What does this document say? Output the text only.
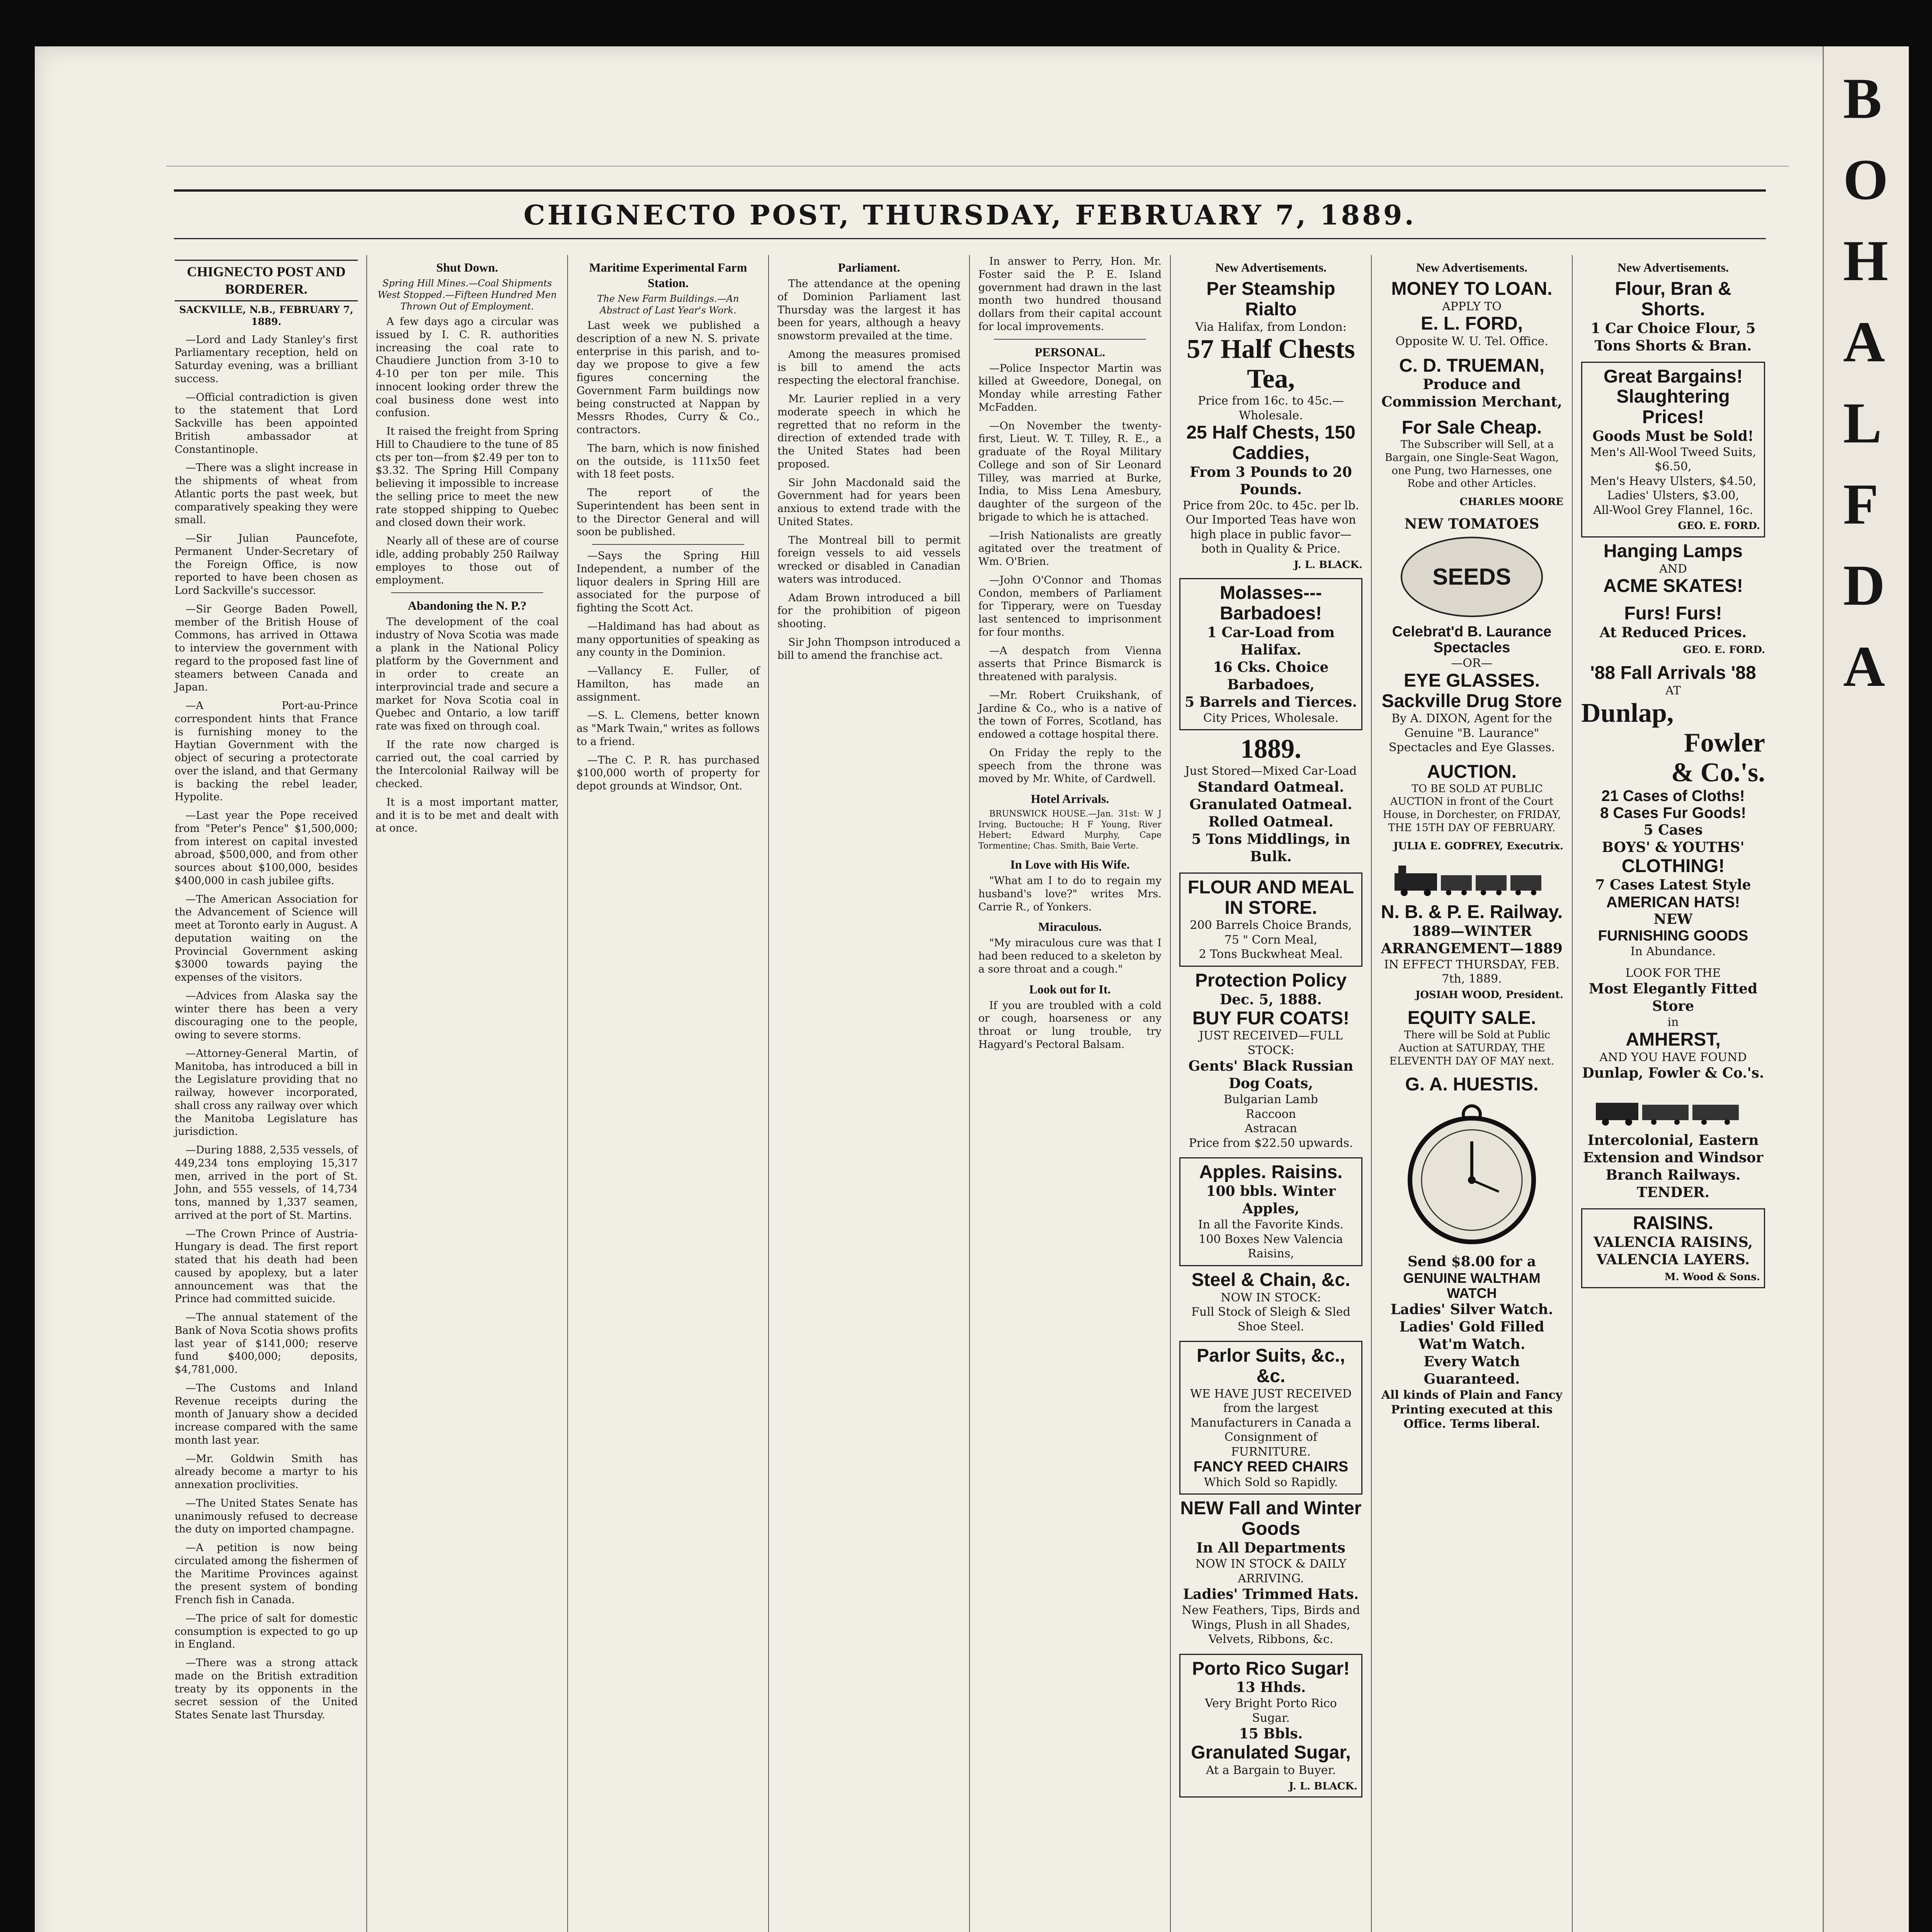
CHIGNECTO POST, THURSDAY, FEBRUARY 7, 1889.
CHIGNECTO POST AND BORDERER.
SACKVILLE, N.B., FEBRUARY 7, 1889.

—Lord and Lady Stanley's first Parliamentary reception, held on Saturday evening, was a brilliant success.

—Official contradiction is given to the statement that Lord Sackville has been appointed British ambassador at Constantinople.

—There was a slight increase in the shipments of wheat from Atlantic ports the past week, but comparatively speaking they were small.

—Sir Julian Pauncefote, Permanent Under-Secretary of the Foreign Office, is now reported to have been chosen as Lord Sackville's successor.

—Sir George Baden Powell, member of the British House of Commons, has arrived in Ottawa to interview the government with regard to the proposed fast line of steamers between Canada and Japan.

—A Port-au-Prince correspondent hints that France is furnishing money to the Haytian Government with the object of securing a protectorate over the island, and that Germany is backing the rebel leader, Hypolite.

—Last year the Pope received from "Peter's Pence" $1,500,000; from interest on capital invested abroad, $500,000, and from other sources about $100,000, besides $400,000 in cash jubilee gifts.

—The American Association for the Advancement of Science will meet at Toronto early in August. A deputation waiting on the Provincial Government asking $3000 towards paying the expenses of the visitors.

—Advices from Alaska say the winter there has been a very discouraging one to the people, owing to severe storms.

—Attorney-General Martin, of Manitoba, has introduced a bill in the Legislature providing that no railway, however incorporated, shall cross any railway over which the Manitoba Legislature has jurisdiction.

—During 1888, 2,535 vessels, of 449,234 tons employing 15,317 men, arrived in the port of St. John, and 555 vessels, of 14,734 tons, manned by 1,337 seamen, arrived at the port of St. Martins.

—The Crown Prince of Austria-Hungary is dead. The first report stated that his death had been caused by apoplexy, but a later announcement was that the Prince had committed suicide.

—The annual statement of the Bank of Nova Scotia shows profits last year of $141,000; reserve fund $400,000; deposits, $4,781,000.

—The Customs and Inland Revenue receipts during the month of January show a decided increase compared with the same month last year.

—Mr. Goldwin Smith has already become a martyr to his annexation proclivities.

—The United States Senate has unanimously refused to decrease the duty on imported champagne.

—A petition is now being circulated among the fishermen of the Maritime Provinces against the present system of bonding French fish in Canada.

—The price of salt for domestic consumption is expected to go up in England.

—There was a strong attack made on the British extradition treaty by its opponents in the secret session of the United States Senate last Thursday.

Shut Down.
Spring Hill Mines.—Coal Shipments West Stopped.—Fifteen Hundred Men Thrown Out of Employment.

A few days ago a circular was issued by I. C. R. authorities increasing the coal rate to Chaudiere Junction from 3-10 to 4-10 per ton per mile. This innocent looking order threw the coal business done west into confusion.

It raised the freight from Spring Hill to Chaudiere to the tune of 85 cts per ton—from $2.49 per ton to $3.32. The Spring Hill Company believing it impossible to increase the selling price to meet the new rate stopped shipping to Quebec and closed down their work.

Nearly all of these are of course idle, adding probably 250 Railway employes to those out of employment.

Abandoning the N. P.?

The development of the coal industry of Nova Scotia was made a plank in the National Policy platform by the Government and in order to create an interprovincial trade and secure a market for Nova Scotia coal in Quebec and Ontario, a low tariff rate was fixed on through coal.

If the rate now charged is carried out, the coal carried by the Intercolonial Railway will be checked.

It is a most important matter, and it is to be met and dealt with at once.

Maritime Experimental Farm Station.
The New Farm Buildings.—An Abstract of Last Year's Work.

Last week we published a description of a new N. S. private enterprise in this parish, and to-day we propose to give a few figures concerning the Government Farm buildings now being constructed at Nappan by Messrs Rhodes, Curry & Co., contractors.

The barn, which is now finished on the outside, is 111x50 feet with 18 feet posts.

The report of the Superintendent has been sent in to the Director General and will soon be published.

—Says the Spring Hill Independent, a number of the liquor dealers in Spring Hill are associated for the purpose of fighting the Scott Act.

—Haldimand has had about as many opportunities of speaking as any county in the Dominion.

—Vallancy E. Fuller, of Hamilton, has made an assignment.

—S. L. Clemens, better known as "Mark Twain," writes as follows to a friend.

—The C. P. R. has purchased $100,000 worth of property for depot grounds at Windsor, Ont.

Parliament.

The attendance at the opening of Dominion Parliament last Thursday was the largest it has been for years, although a heavy snowstorm prevailed at the time.

Among the measures promised is bill to amend the acts respecting the electoral franchise.

Mr. Laurier replied in a very moderate speech in which he regretted that no reform in the direction of extended trade with the United States had been proposed.

Sir John Macdonald said the Government had for years been anxious to extend trade with the United States.

The Montreal bill to permit foreign vessels to aid vessels wrecked or disabled in Canadian waters was introduced.

Adam Brown introduced a bill for the prohibition of pigeon shooting.

Sir John Thompson introduced a bill to amend the franchise act.

In answer to Perry, Hon. Mr. Foster said the P. E. Island government had drawn in the last month two hundred thousand dollars from their capital account for local improvements.

PERSONAL.

—Police Inspector Martin was killed at Gweedore, Donegal, on Monday while arresting Father McFadden.

—On November the twenty-first, Lieut. W. T. Tilley, R. E., a graduate of the Royal Military College and son of Sir Leonard Tilley, was married at Burke, India, to Miss Lena Amesbury, daughter of the surgeon of the brigade to which he is attached.

—Irish Nationalists are greatly agitated over the treatment of Wm. O'Brien.

—John O'Connor and Thomas Condon, members of Parliament for Tipperary, were on Tuesday last sentenced to imprisonment for four months.

—A despatch from Vienna asserts that Prince Bismarck is threatened with paralysis.

—Mr. Robert Cruikshank, of Jardine & Co., who is a native of the town of Forres, Scotland, has endowed a cottage hospital there.

On Friday the reply to the speech from the throne was moved by Mr. White, of Cardwell.

Hotel Arrivals.

BRUNSWICK HOUSE.—Jan. 31st: W J Irving, Buctouche; H F Young, River Hebert; Edward Murphy, Cape Tormentine; Chas. Smith, Baie Verte.

In Love with His Wife.

"What am I to do to regain my husband's love?" writes Mrs. Carrie R., of Yonkers.

Miraculous.

"My miraculous cure was that I had been reduced to a skeleton by a sore throat and a cough."

Look out for It.

If you are troubled with a cold or cough, hoarseness or any throat or lung trouble, try Hagyard's Pectoral Balsam.

New Advertisements.
Per Steamship Rialto
Via Halifax, from London:
57 Half Chests Tea,
Price from 16c. to 45c.—Wholesale.
25 Half Chests, 150 Caddies,
From 3 Pounds to 20 Pounds.
Price from 20c. to 45c. per lb.
Our Imported Teas have won high place in public favor—both in Quality & Price.
J. L. BLACK.
Molasses---Barbadoes!
1 Car-Load from Halifax.
16 Cks. Choice Barbadoes,
5 Barrels and Tierces.
City Prices, Wholesale.
1889.
Just Stored—Mixed Car-Load
Standard Oatmeal.
Granulated Oatmeal.
Rolled Oatmeal.
5 Tons Middlings, in Bulk.
FLOUR AND MEAL IN STORE.
200 Barrels Choice Brands,
75 " Corn Meal,
2 Tons Buckwheat Meal.
Protection Policy
Dec. 5, 1888.
BUY FUR COATS!
JUST RECEIVED—FULL STOCK:
Gents' Black Russian Dog Coats,
Bulgarian Lamb
Raccoon
Astracan
Price from $22.50 upwards.
Apples. Raisins.
100 bbls. Winter Apples,
In all the Favorite Kinds.
100 Boxes New Valencia Raisins,
Steel & Chain, &c.
NOW IN STOCK:
Full Stock of Sleigh & Sled Shoe Steel.
Parlor Suits, &c., &c.
WE HAVE JUST RECEIVED from the largest Manufacturers in Canada a Consignment of FURNITURE.
FANCY REED CHAIRS
Which Sold so Rapidly.
NEW Fall and Winter Goods
In All Departments
NOW IN STOCK & DAILY ARRIVING.
Ladies' Trimmed Hats.
New Feathers, Tips, Birds and Wings, Plush in all Shades, Velvets, Ribbons, &c.
Porto Rico Sugar!
13 Hhds.
Very Bright Porto Rico Sugar.
15 Bbls.
Granulated Sugar,
At a Bargain to Buyer.
J. L. BLACK.
New Advertisements.
MONEY TO LOAN.
APPLY TO
E. L. FORD,
Opposite W. U. Tel. Office.
C. D. TRUEMAN,
Produce and Commission Merchant,
For Sale Cheap.

The Subscriber will Sell, at a Bargain, one Single-Seat Wagon, one Pung, two Harnesses, one Robe and other Articles.

CHARLES MOORE
NEW TOMATOES
SEEDS
Celebrat'd B. Laurance Spectacles
—OR—
EYE GLASSES.
Sackville Drug Store
By A. DIXON, Agent for the Genuine "B. Laurance" Spectacles and Eye Glasses.
AUCTION.

TO BE SOLD AT PUBLIC AUCTION in front of the Court House, in Dorchester, on FRIDAY, THE 15TH DAY OF FEBRUARY.

JULIA E. GODFREY, Executrix.
N. B. & P. E. Railway.
1889—WINTER ARRANGEMENT—1889
IN EFFECT THURSDAY, FEB. 7th, 1889.
JOSIAH WOOD, President.
EQUITY SALE.

There will be Sold at Public Auction at SATURDAY, THE ELEVENTH DAY OF MAY next.

G. A. HUESTIS.
Send $8.00 for a
GENUINE WALTHAM WATCH
Ladies' Silver Watch.
Ladies' Gold Filled Wat'm Watch.
Every Watch Guaranteed.
All kinds of Plain and Fancy Printing executed at this Office. Terms liberal.
New Advertisements.
Flour, Bran & Shorts.
1 Car Choice Flour, 5 Tons Shorts & Bran.
Great Bargains!
Slaughtering Prices!
Goods Must be Sold!
Men's All-Wool Tweed Suits, $6.50,
Men's Heavy Ulsters, $4.50,
Ladies' Ulsters, $3.00,
All-Wool Grey Flannel, 16c.
GEO. E. FORD.
Hanging Lamps
AND
ACME SKATES!
Furs! Furs!
At Reduced Prices.
GEO. E. FORD.
'88 Fall Arrivals '88
AT
Dunlap,
Fowler
& Co.'s.
21 Cases of Cloths!
8 Cases Fur Goods!
5 Cases
BOYS' & YOUTHS'
CLOTHING!
7 Cases Latest Style
AMERICAN HATS!
NEW
FURNISHING GOODS
In Abundance.
LOOK FOR THE
Most Elegantly Fitted Store
in
AMHERST,
AND YOU HAVE FOUND
Dunlap, Fowler & Co.'s.
Intercolonial, Eastern Extension and Windsor Branch Railways.
TENDER.
RAISINS.
VALENCIA RAISINS,
VALENCIA LAYERS.
M. Wood & Sons.
B
O
H
A
L
F
D
A
